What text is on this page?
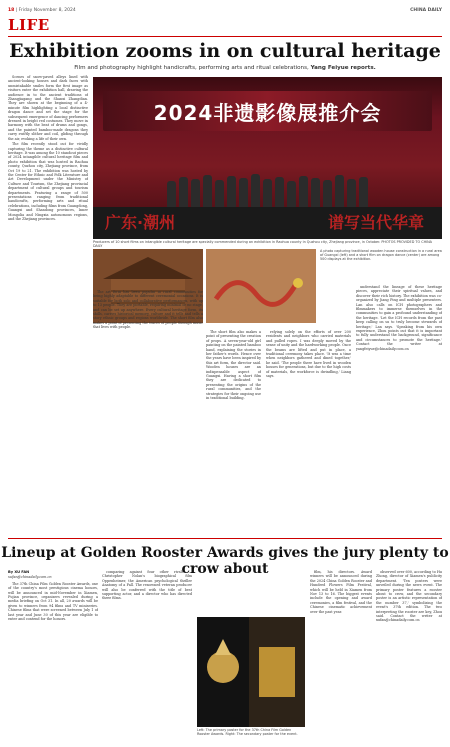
18 | Friday November 8, 2024	CHINA DAILY
LIFE
Exhibition zooms in on cultural heritage
Film and photography highlight handicrafts, performing arts and ritual celebrations, Yang Feiyue reports.

Scenes of snow-paved alleys lined with ancient-looking houses and dark faces with unmistakable smiles form the first image as visitors enter the exhibition hall, drawing the audience in to the ancient traditions of Zhangjiagang and the Shanxi Zhangdian. They are shown at the beginning of a 4-minute film highlighting a local distinctive dragon dance and set the stage for the subsequent emergence of dancing performers dressed in bright red costumes. They move in harmony with the beat of drums and gongs, and the painted bamboo-made dragons they carry swiftly slither and coil, gliding through the air, evoking a life of their own.

The film recently stood out for vividly capturing the theme as a distinctive cultural heritage. It was among the 10 standout pieces of 2024 intangible cultural heritage film and photo exhibition that was hosted in Raohua county, Quzhou city, Zhejiang province, from Oct 19 to 21. The exhibition was hosted by the Center for Ethnic and Folk Literature and Art Development under the Ministry of Culture and Tourism, the Zhejiang provincial department of cultural groups and tourism departments. Featuring a range of 500 presentations ranging from traditional handicrafts, performing arts and ritual celebrations, including films from Guangdong, Guangxi and Shandong provinces, Inner Mongolia and Ningxia autonomous regions, and the Zhejiang provinces.

2024非遗影像展推介会
广东·潮州	谱写当代华章
Producers of 10 short films on intangible cultural heritage are specially commended during an exhibition in Raohua county in Quzhou city, Zhejiang province, in October. PHOTOS PROVIDED TO CHINA DAILY
A photo capturing traditional wooden house construction in a rural area of Guangxi (left) and a short film on dragon dance (center) are among 500 displays at the exhibition.

The art form has been popular in rural communities for being highly adaptable to different ceremonial occasions. It is suitable for both solo and collaborative performances, with up to 13 people. They are portable, requiring minimal or no stage, and can be set up anywhere. Every cultural heritage form, its skills, carries historical memory, culture and it tells and tells a story ethnic groups and regions worldwide. The short film also makes a point of presenting the traces of people through music that lives with people.

The short film also makes a point of presenting the creation of props. A seven-year-old girl painting on the painted bamboo hand, explaining the stories in her father's words. Hence over the years have been inspired by this art form, the director said. Wooden houses are an indispensable aspect of Guangxi. Having a short film they are dedicated to presenting the origins of the rural communities, and the strategies for their ongoing use in traditional building.

relying solely on the efforts of over 200 residents and neighbors who carried materials and pulled ropes. I was deeply moved by the sense of unity and the hardworking people. Once the beams are lifted and put in place, a traditional ceremony takes place. 'It was a time when neighbors gathered and dined together,' he said. 'The people there have lived in wooden houses for generations, but due to the high costs of materials, the workforce is dwindling,' Liang says.

understand the lineage of these heritage pieces, appreciate their spiritual values, and discover their rich history. The exhibition was co-organized by Jiang Ping and multiple presenters. Lan also calls on ICH photographers and filmmakers to immerse themselves in the communities to gain a profound understanding of the heritage. 'Let the ICH records from the past keep calling on us to truly become stewards of heritage,' Lan says. 'Speaking from his own experience, Zhou points out that it is important to fully understand the background, significance and circumstances to promote the heritage.' Contact the writer at yangfeiyue@chinadaily.com.cn

Lineup at Golden Rooster Awards gives the jury plenty to crow about
By XU FAN
xufan@chinadaily.com.cn

The 37th China Film Golden Rooster Awards, one of the country's most prestigious cinema honors, will be announced in mid-November in Xiamen, Fujian province, organizers revealed during a media briefing on Oct 31. In all, 20 awards will be given to winners from 94 films and TV miniseries. Chinese films that were screened between July 1 of last year and June 30 of this year are eligible to enter and contend for the honors.

comparing against four other rivals — Christopher Nolan's biographical film Oppenheimer, the American psychological thriller Anatomy of a Fall. The renowned veteran producer will also be conferred with the title of best supporting actor, and a director who has directed three films.

Left: The primary poster for the 37th China Film Golden Rooster Awards. Right: The secondary poster for the event.

film, his directors. Award winners will be announced during the 2024 China Golden Rooster and Hundred Flowers Film Festival, which will be held in Xiamen from Nov 13 to 16. The biggest events include the opening and award ceremonies, a film festival, and the Chinese cinematic achievement over the past year.

observed over 600, according to Hu Zhong, director of Xiamen's publicity department. 'Ten posters were unveiled during the news event. The primary poster features a rooster about to crow, and the secondary poster is an artistic representation of the number 37,' symbolizing the event's 37th edition. The two interpreting the rooster are key, Zhou said. Contact the writer at xufan@chinadaily.com.cn
